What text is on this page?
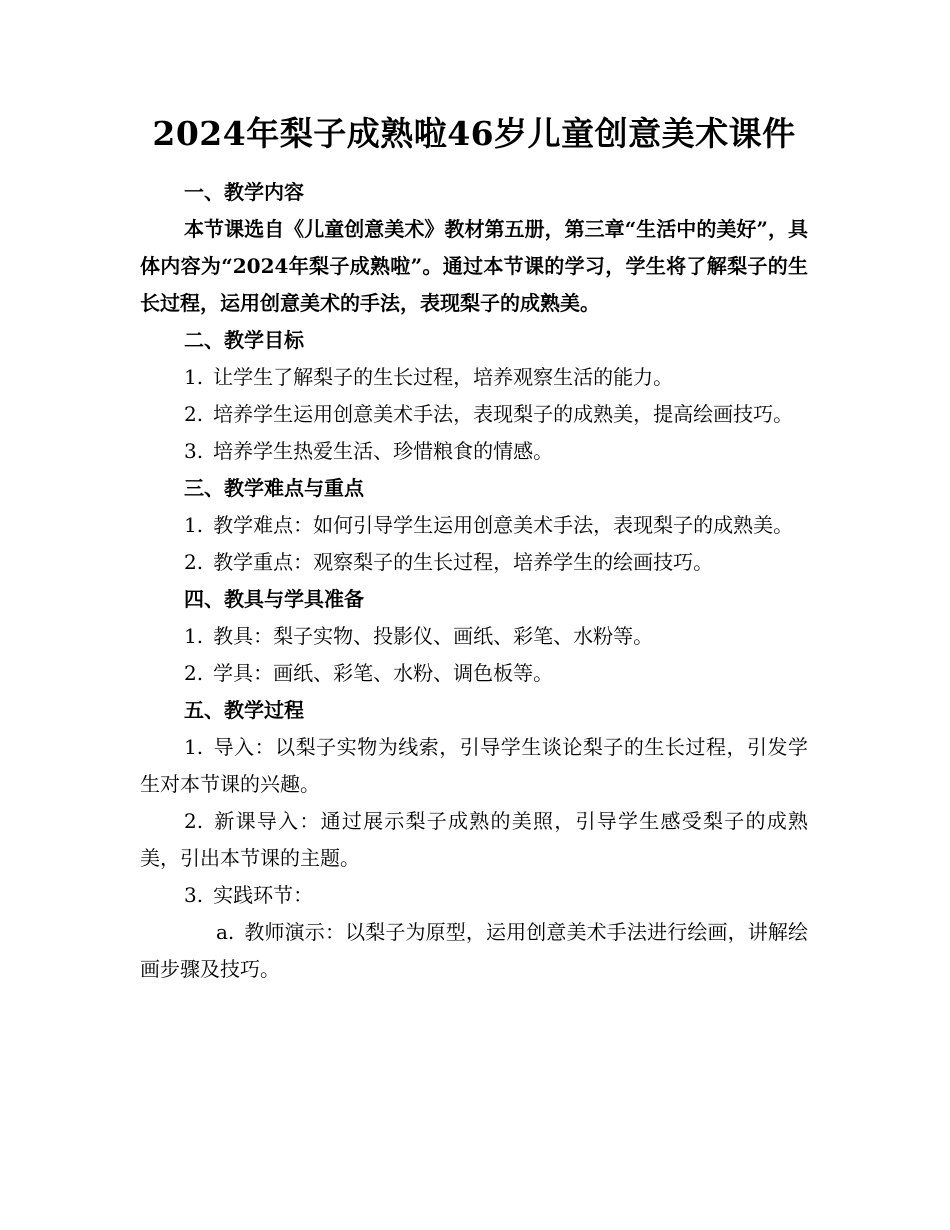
2024年梨子成熟啦46岁儿童创意美术课件

一、教学内容

本节课选自《儿童创意美术》教材第五册，第三章“生活中的美好”，具体内容为“2024年梨子成熟啦”。通过本节课的学习，学生将了解梨子的生长过程，运用创意美术的手法，表现梨子的成熟美。

二、教学目标

1. 让学生了解梨子的生长过程，培养观察生活的能力。

2. 培养学生运用创意美术手法，表现梨子的成熟美，提高绘画技巧。

3. 培养学生热爱生活、珍惜粮食的情感。

三、教学难点与重点

1. 教学难点：如何引导学生运用创意美术手法，表现梨子的成熟美。

2. 教学重点：观察梨子的生长过程，培养学生的绘画技巧。

四、教具与学具准备

1. 教具：梨子实物、投影仪、画纸、彩笔、水粉等。

2. 学具：画纸、彩笔、水粉、调色板等。

五、教学过程

1. 导入：以梨子实物为线索，引导学生谈论梨子的生长过程，引发学生对本节课的兴趣。

2. 新课导入：通过展示梨子成熟的美照，引导学生感受梨子的成熟美，引出本节课的主题。

3. 实践环节：

a. 教师演示：以梨子为原型，运用创意美术手法进行绘画，讲解绘画步骤及技巧。
